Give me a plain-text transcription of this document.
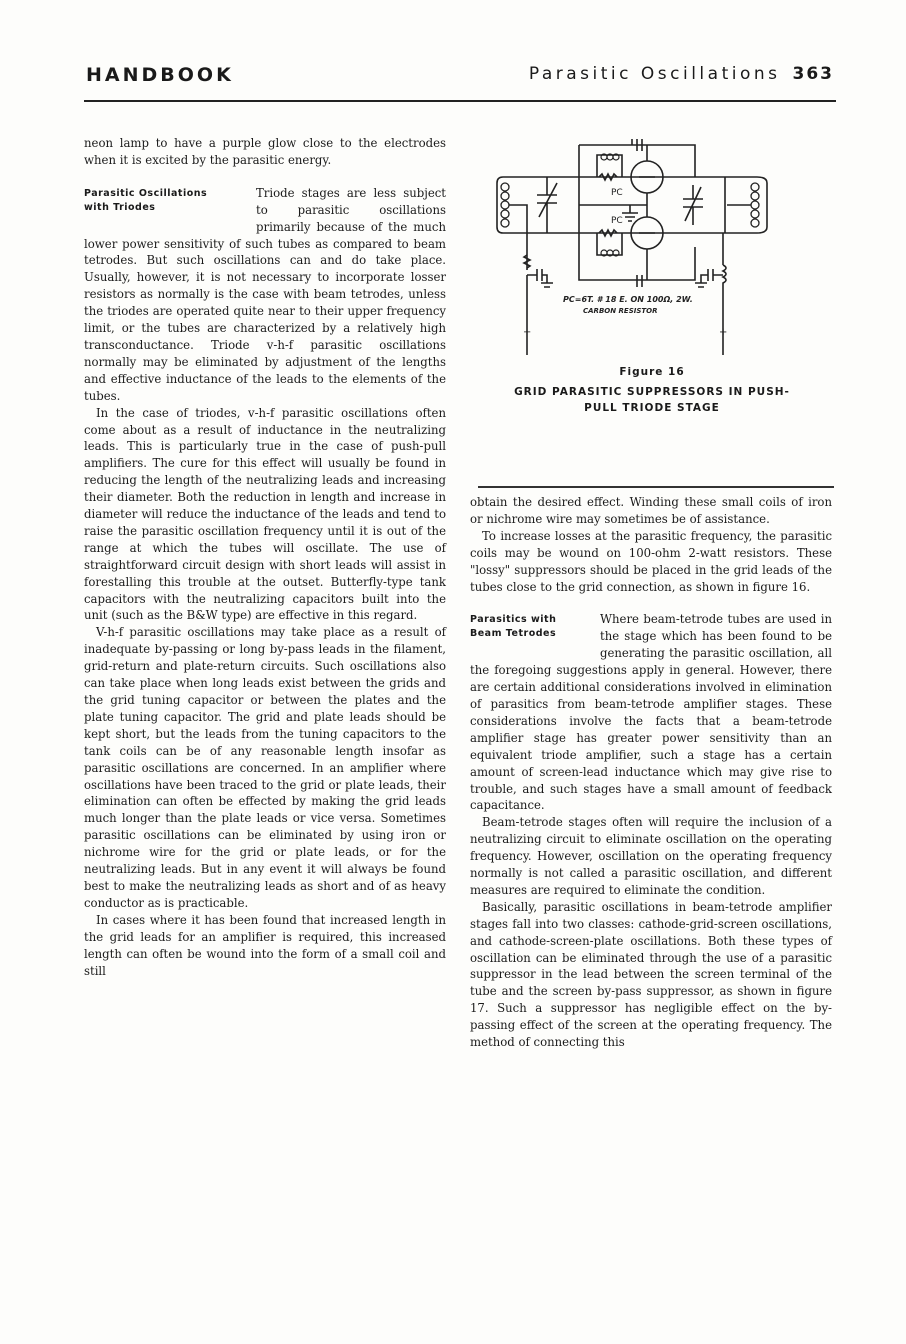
HANDBOOK	Parasitic Oscillations 363

neon lamp to have a purple glow close to the electrodes when it is excited by the parasitic energy.

Parasitic Oscillations
with Triodes

Triode stages are less subject to parasitic oscillations primarily because of the much lower power sensitivity of such tubes as compared to beam tetrodes. But such oscillations can and do take place. Usually, however, it is not necessary to incorporate losser resistors as normally is the case with beam tetrodes, unless the triodes are operated quite near to their upper frequency limit, or the tubes are characterized by a relatively high transconductance. Triode v-h-f parasitic oscillations normally may be eliminated by adjustment of the lengths and effective inductance of the leads to the elements of the tubes.

In the case of triodes, v-h-f parasitic oscillations often come about as a result of inductance in the neutralizing leads. This is particularly true in the case of push-pull amplifiers. The cure for this effect will usually be found in reducing the length of the neutralizing leads and increasing their diameter. Both the reduction in length and increase in diameter will reduce the inductance of the leads and tend to raise the parasitic oscillation frequency until it is out of the range at which the tubes will oscillate. The use of straightforward circuit design with short leads will assist in forestalling this trouble at the outset. Butterfly-type tank capacitors with the neutralizing capacitors built into the unit (such as the B&W type) are effective in this regard.

V-h-f parasitic oscillations may take place as a result of inadequate by-passing or long by-pass leads in the filament, grid-return and plate-return circuits. Such oscillations also can take place when long leads exist between the grids and the grid tuning capacitor or between the plates and the plate tuning capacitor. The grid and plate leads should be kept short, but the leads from the tuning capacitors to the tank coils can be of any reasonable length insofar as parasitic oscillations are concerned. In an amplifier where oscillations have been traced to the grid or plate leads, their elimination can often be effected by making the grid leads much longer than the plate leads or vice versa. Sometimes parasitic oscillations can be eliminated by using iron or nichrome wire for the grid or plate leads, or for the neutralizing leads. But in any event it will always be found best to make the neutralizing leads as short and of as heavy conductor as is practicable.

In cases where it has been found that increased length in the grid leads for an amplifier is required, this increased length can often be wound into the form of a small coil and still

PC
PC
PC=6T. # 18 E. ON 100Ω, 2W.
CARBON RESISTOR
−	+
Figure 16
GRID PARASITIC SUPPRESSORS IN PUSH-
PULL TRIODE STAGE

obtain the desired effect. Winding these small coils of iron or nichrome wire may sometimes be of assistance.

To increase losses at the parasitic frequency, the parasitic coils may be wound on 100-ohm 2-watt resistors. These "lossy" suppressors should be placed in the grid leads of the tubes close to the grid connection, as shown in figure 16.

Parasitics with
Beam Tetrodes

Where beam-tetrode tubes are used in the stage which has been found to be generating the parasitic oscillation, all the foregoing suggestions apply in general. However, there are certain additional considerations involved in elimination of parasitics from beam-tetrode amplifier stages. These considerations involve the facts that a beam-tetrode amplifier stage has greater power sensitivity than an equivalent triode amplifier, such a stage has a certain amount of screen-lead inductance which may give rise to trouble, and such stages have a small amount of feedback capacitance.

Beam-tetrode stages often will require the inclusion of a neutralizing circuit to eliminate oscillation on the operating frequency. However, oscillation on the operating frequency normally is not called a parasitic oscillation, and different measures are required to eliminate the condition.

Basically, parasitic oscillations in beam-tetrode amplifier stages fall into two classes: cathode-grid-screen oscillations, and cathode-screen-plate oscillations. Both these types of oscillation can be eliminated through the use of a parasitic suppressor in the lead between the screen terminal of the tube and the screen by-pass suppressor, as shown in figure 17. Such a suppressor has negligible effect on the by-passing effect of the screen at the operating frequency. The method of connecting this
